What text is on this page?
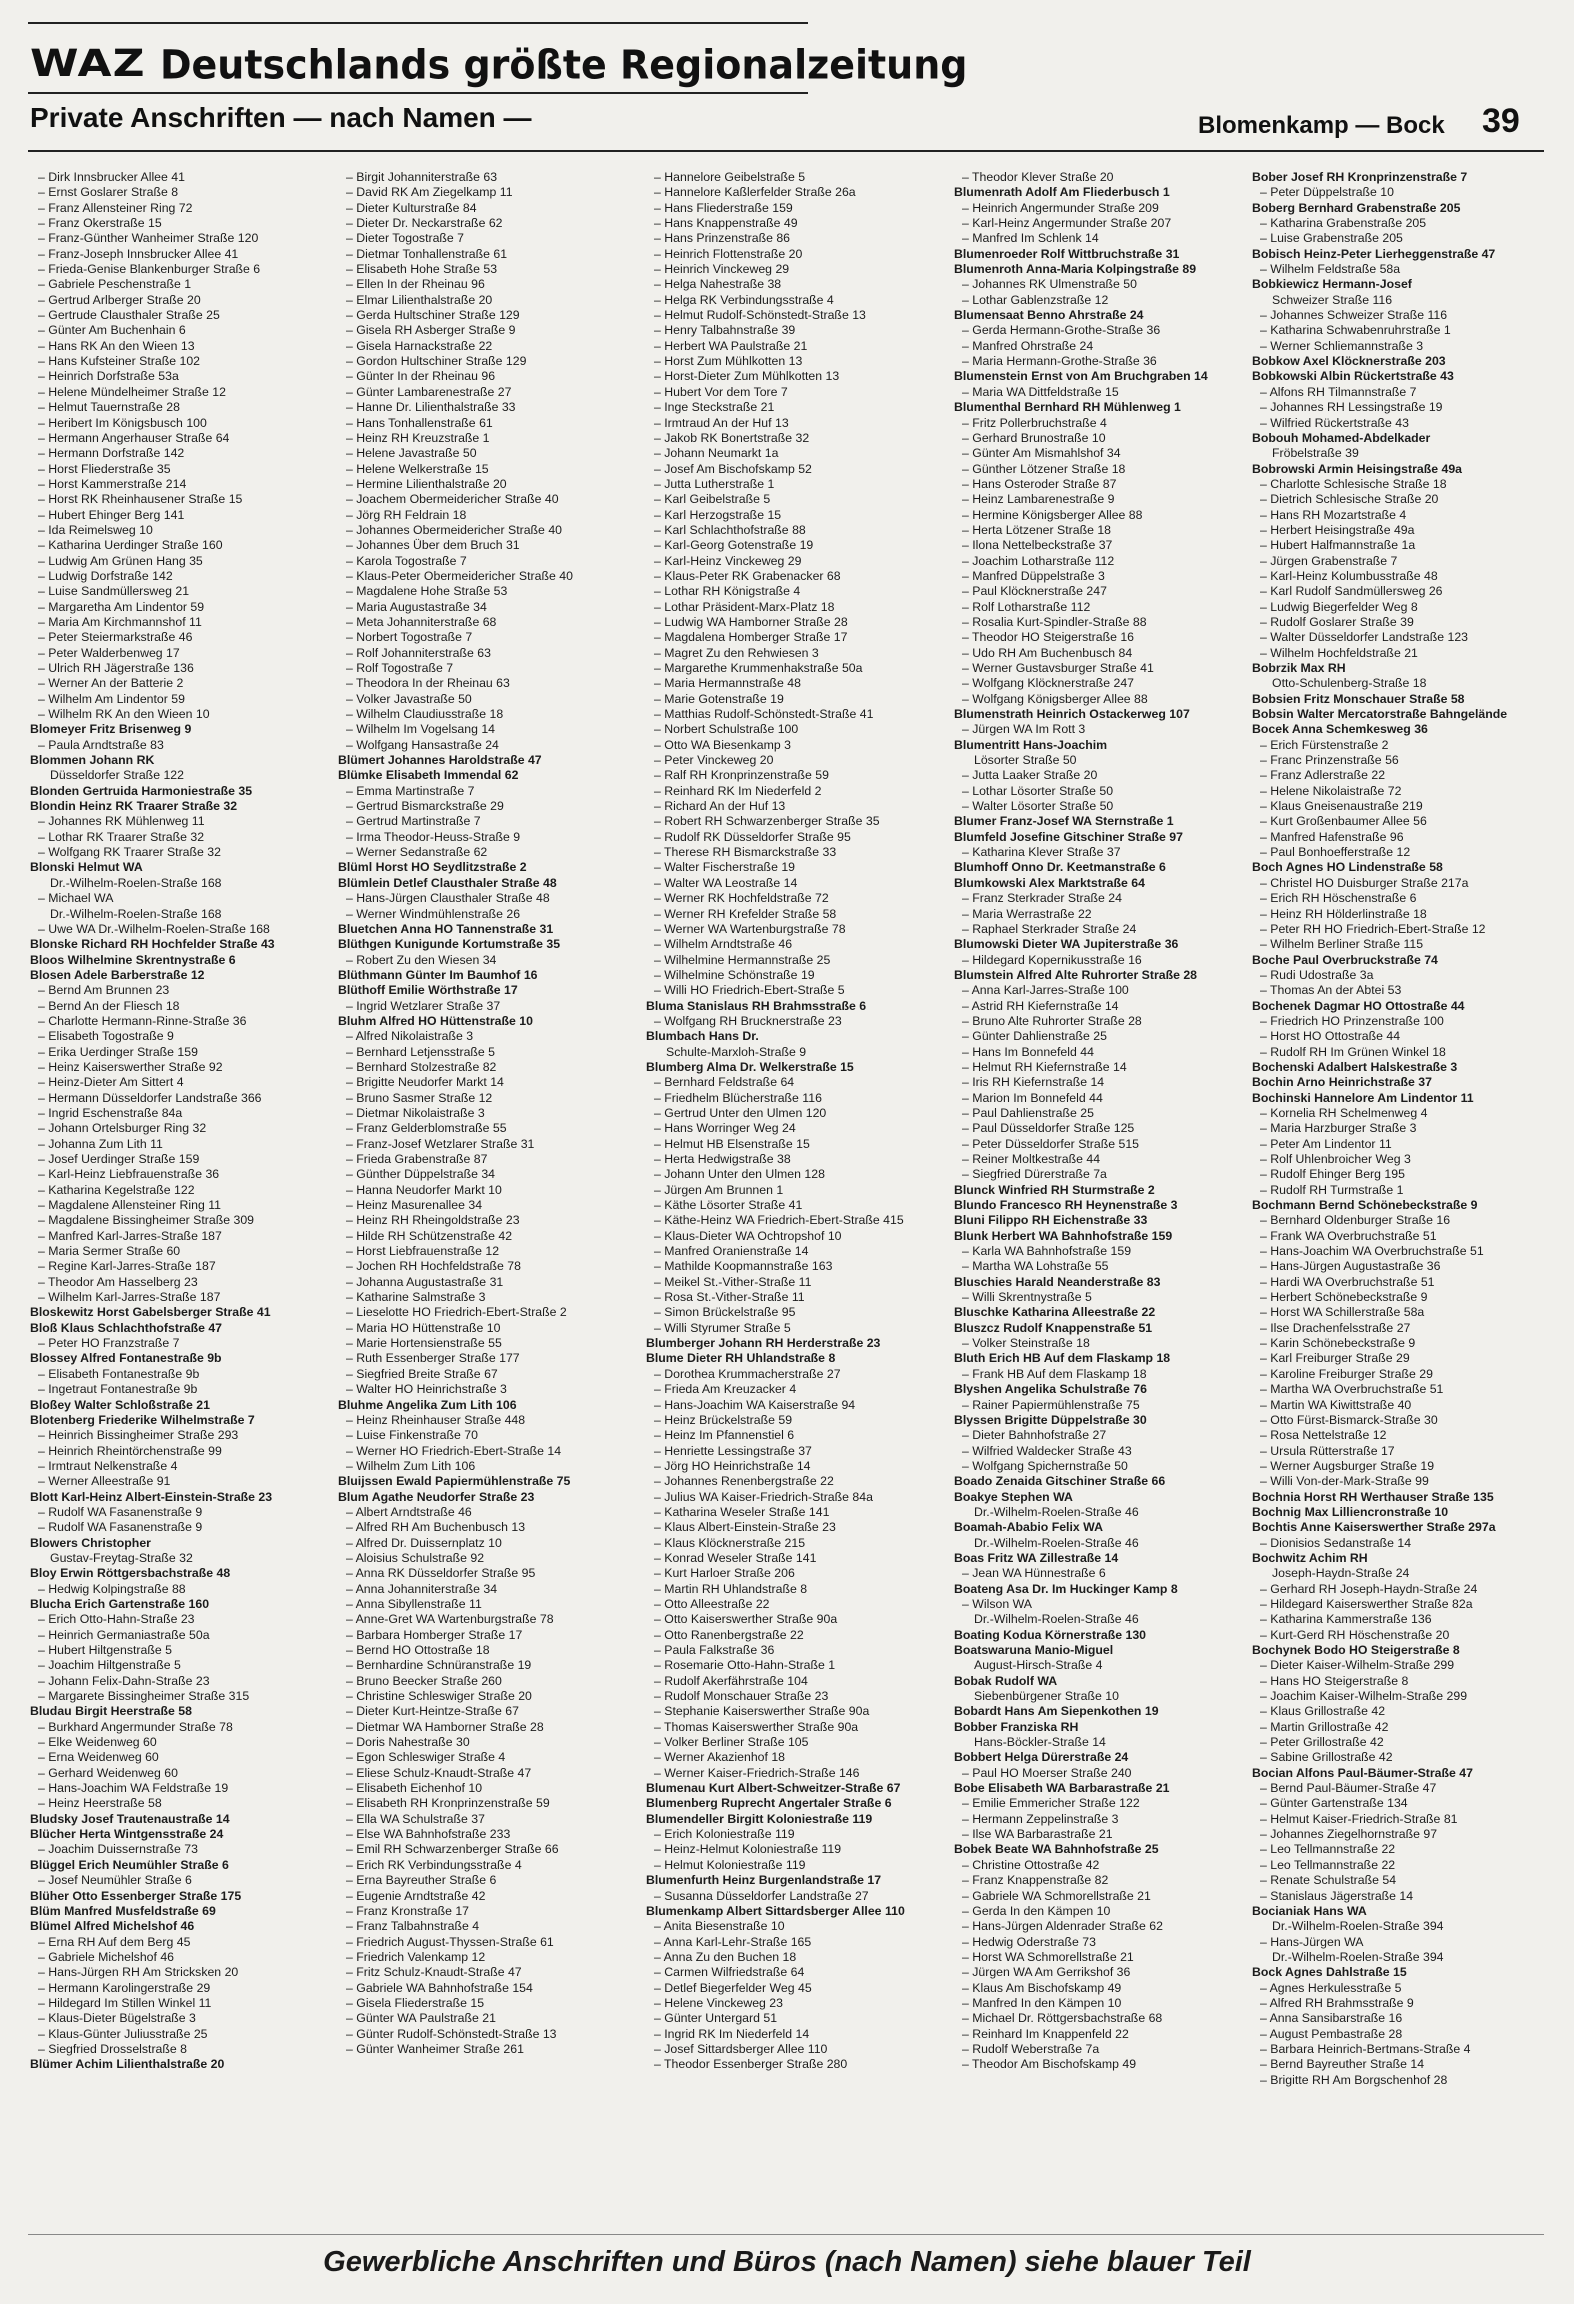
WAZ Deutschlands größte Regionalzeitung
Private Anschriften — nach Namen —	Blomenkamp — Bock 39
– Dirk Innsbrucker Allee 41
– Ernst Goslarer Straße 8
– Franz Allensteiner Ring 72
– Franz Okerstraße 15
– Franz-Günther Wanheimer Straße 120
– Franz-Joseph Innsbrucker Allee 41
– Frieda-Genise Blankenburger Straße 6
– Gabriele Peschenstraße 1
– Gertrud Arlberger Straße 20
– Gertrude Clausthaler Straße 25
– Günter Am Buchenhain 6
– Hans RK An den Wieen 13
– Hans Kufsteiner Straße 102
– Heinrich Dorfstraße 53a
– Helene Mündelheimer Straße 12
– Helmut Tauernstraße 28
– Heribert Im Königsbusch 100
– Hermann Angerhauser Straße 64
– Hermann Dorfstraße 142
– Horst Fliederstraße 35
– Horst Kammerstraße 214
– Horst RK Rheinhausener Straße 15
– Hubert Ehinger Berg 141
– Ida Reimelsweg 10
– Katharina Uerdinger Straße 160
– Ludwig Am Grünen Hang 35
– Ludwig Dorfstraße 142
– Luise Sandmüllersweg 21
– Margaretha Am Lindentor 59
– Maria Am Kirchmannshof 11
– Peter Steiermarkstraße 46
– Peter Walderbenweg 17
– Ulrich RH Jägerstraße 136
– Werner An der Batterie 2
– Wilhelm Am Lindentor 59
– Wilhelm RK An den Wieen 10
Blomeyer Fritz Brisenweg 9
– Paula Arndtstraße 83
Blommen Johann RK
Düsseldorfer Straße 122
Blonden Gertruida Harmoniestraße 35
Blondin Heinz RK Traarer Straße 32
– Johannes RK Mühlenweg 11
– Lothar RK Traarer Straße 32
– Wolfgang RK Traarer Straße 32
Blonski Helmut WA
Dr.-Wilhelm-Roelen-Straße 168
– Michael WA
Dr.-Wilhelm-Roelen-Straße 168
– Uwe WA Dr.-Wilhelm-Roelen-Straße 168
Blonske Richard RH Hochfelder Straße 43
Bloos Wilhelmine Skrentnystraße 6
Blosen Adele Barberstraße 12
– Bernd Am Brunnen 23
– Bernd An der Fliesch 18
– Charlotte Hermann-Rinne-Straße 36
– Elisabeth Togostraße 9
– Erika Uerdinger Straße 159
– Heinz Kaiserswerther Straße 92
– Heinz-Dieter Am Sittert 4
– Hermann Düsseldorfer Landstraße 366
– Ingrid Eschenstraße 84a
– Johann Ortelsburger Ring 32
– Johanna Zum Lith 11
– Josef Uerdinger Straße 159
– Karl-Heinz Liebfrauenstraße 36
– Katharina Kegelstraße 122
– Magdalene Allensteiner Ring 11
– Magdalene Bissingheimer Straße 309
– Manfred Karl-Jarres-Straße 187
– Maria Sermer Straße 60
– Regine Karl-Jarres-Straße 187
– Theodor Am Hasselberg 23
– Wilhelm Karl-Jarres-Straße 187
Bloskewitz Horst Gabelsberger Straße 41
Bloß Klaus Schlachthofstraße 47
– Peter HO Franzstraße 7
Blossey Alfred Fontanestraße 9b
– Elisabeth Fontanestraße 9b
– Ingetraut Fontanestraße 9b
Bloßey Walter Schloßstraße 21
Blotenberg Friederike Wilhelmstraße 7
– Heinrich Bissingheimer Straße 293
– Heinrich Rheintörchenstraße 99
– Irmtraut Nelkenstraße 4
– Werner Alleestraße 91
Blott Karl-Heinz Albert-Einstein-Straße 23
– Rudolf WA Fasanenstraße 9
– Rudolf WA Fasanenstraße 9
Blowers Christopher
Gustav-Freytag-Straße 32
Bloy Erwin Röttgersbachstraße 48
– Hedwig Kolpingstraße 88
Blucha Erich Gartenstraße 160
– Erich Otto-Hahn-Straße 23
– Heinrich Germaniastraße 50a
– Hubert Hiltgenstraße 5
– Joachim Hiltgenstraße 5
– Johann Felix-Dahn-Straße 23
– Margarete Bissingheimer Straße 315
Bludau Birgit Heerstraße 58
– Burkhard Angermunder Straße 78
– Elke Weidenweg 60
– Erna Weidenweg 60
– Gerhard Weidenweg 60
– Hans-Joachim WA Feldstraße 19
– Heinz Heerstraße 58
Bludsky Josef Trautenaustraße 14
Blücher Herta Wintgensstraße 24
– Joachim Duissernstraße 73
Blüggel Erich Neumühler Straße 6
– Josef Neumühler Straße 6
Blüher Otto Essenberger Straße 175
Blüm Manfred Musfeldstraße 69
Blümel Alfred Michelshof 46
– Erna RH Auf dem Berg 45
– Gabriele Michelshof 46
– Hans-Jürgen RH Am Stricksken 20
– Hermann Karolingerstraße 29
– Hildegard Im Stillen Winkel 11
– Klaus-Dieter Bügelstraße 3
– Klaus-Günter Juliusstraße 25
– Siegfried Drosselstraße 8
Blümer Achim Lilienthalstraße 20
– Birgit Johanniterstraße 63
– David RK Am Ziegelkamp 11
– Dieter Kulturstraße 84
– Dieter Dr. Neckarstraße 62
– Dieter Togostraße 7
– Dietmar Tonhallenstraße 61
– Elisabeth Hohe Straße 53
– Ellen In der Rheinau 96
– Elmar Lilienthalstraße 20
– Gerda Hultschiner Straße 129
– Gisela RH Asberger Straße 9
– Gisela Harnackstraße 22
– Gordon Hultschiner Straße 129
– Günter In der Rheinau 96
– Günter Lambarenestraße 27
– Hanne Dr. Lilienthalstraße 33
– Hans Tonhallenstraße 61
– Heinz RH Kreuzstraße 1
– Helene Javastraße 50
– Helene Welkerstraße 15
– Hermine Lilienthalstraße 20
– Joachem Obermeidericher Straße 40
– Jörg RH Feldrain 18
– Johannes Obermeidericher Straße 40
– Johannes Über dem Bruch 31
– Karola Togostraße 7
– Klaus-Peter Obermeidericher Straße 40
– Magdalene Hohe Straße 53
– Maria Augustastraße 34
– Meta Johanniterstraße 68
– Norbert Togostraße 7
– Rolf Johanniterstraße 63
– Rolf Togostraße 7
– Theodora In der Rheinau 63
– Volker Javastraße 50
– Wilhelm Claudiusstraße 18
– Wilhelm Im Vogelsang 14
– Wolfgang Hansastraße 24
Blümert Johannes Haroldstraße 47
Blümke Elisabeth Immendal 62
– Emma Martinstraße 7
– Gertrud Bismarckstraße 29
– Gertrud Martinstraße 7
– Irma Theodor-Heuss-Straße 9
– Werner Sedanstraße 62
Blüml Horst HO Seydlitzstraße 2
Blümlein Detlef Clausthaler Straße 48
– Hans-Jürgen Clausthaler Straße 48
– Werner Windmühlenstraße 26
Bluetchen Anna HO Tannenstraße 31
Blüthgen Kunigunde Kortumstraße 35
– Robert Zu den Wiesen 34
Blüthmann Günter Im Baumhof 16
Blüthoff Emilie Wörthstraße 17
– Ingrid Wetzlarer Straße 37
Bluhm Alfred HO Hüttenstraße 10
– Alfred Nikolaistraße 3
– Bernhard Letjensstraße 5
– Bernhard Stolzestraße 82
– Brigitte Neudorfer Markt 14
– Bruno Sasmer Straße 12
– Dietmar Nikolaistraße 3
– Franz Gelderblomstraße 55
– Franz-Josef Wetzlarer Straße 31
– Frieda Grabenstraße 87
– Günther Düppelstraße 34
– Hanna Neudorfer Markt 10
– Heinz Masurenallee 34
– Heinz RH Rheingoldstraße 23
– Hilde RH Schützenstraße 42
– Horst Liebfrauenstraße 12
– Jochen RH Hochfeldstraße 78
– Johanna Augustastraße 31
– Katharine Salmstraße 3
– Lieselotte HO Friedrich-Ebert-Straße 2
– Maria HO Hüttenstraße 10
– Marie Hortensienstraße 55
– Ruth Essenberger Straße 177
– Siegfried Breite Straße 67
– Walter HO Heinrichstraße 3
Bluhme Angelika Zum Lith 106
– Heinz Rheinhauser Straße 448
– Luise Finkenstraße 70
– Werner HO Friedrich-Ebert-Straße 14
– Wilhelm Zum Lith 106
Bluijssen Ewald Papiermühlenstraße 75
Blum Agathe Neudorfer Straße 23
– Albert Arndtstraße 46
– Alfred RH Am Buchenbusch 13
– Alfred Dr. Duissernplatz 10
– Aloisius Schulstraße 92
– Anna RK Düsseldorfer Straße 95
– Anna Johanniterstraße 34
– Anna Sibyllenstraße 11
– Anne-Gret WA Wartenburgstraße 78
– Barbara Homberger Straße 17
– Bernd HO Ottostraße 18
– Bernhardine Schnüranstraße 19
– Bruno Beecker Straße 260
– Christine Schleswiger Straße 20
– Dieter Kurt-Heintze-Straße 67
– Dietmar WA Hamborner Straße 28
– Doris Nahestraße 30
– Egon Schleswiger Straße 4
– Eliese Schulz-Knaudt-Straße 47
– Elisabeth Eichenhof 10
– Elisabeth RH Kronprinzenstraße 59
– Ella WA Schulstraße 37
– Else WA Bahnhofstraße 233
– Emil RH Schwarzenberger Straße 66
– Erich RK Verbindungsstraße 4
– Erna Bayreuther Straße 6
– Eugenie Arndtstraße 42
– Franz Kronstraße 17
– Franz Talbahnstraße 4
– Friedrich August-Thyssen-Straße 61
– Friedrich Valenkamp 12
– Fritz Schulz-Knaudt-Straße 47
– Gabriele WA Bahnhofstraße 154
– Gisela Fliederstraße 15
– Günter WA Paulstraße 21
– Günter Rudolf-Schönstedt-Straße 13
– Günter Wanheimer Straße 261
– Hannelore Geibelstraße 5
– Hannelore Kaßlerfelder Straße 26a
– Hans Fliederstraße 159
– Hans Knappenstraße 49
– Hans Prinzenstraße 86
– Heinrich Flottenstraße 20
– Heinrich Vinckeweg 29
– Helga Nahestraße 38
– Helga RK Verbindungsstraße 4
– Helmut Rudolf-Schönstedt-Straße 13
– Henry Talbahnstraße 39
– Herbert WA Paulstraße 21
– Horst Zum Mühlkotten 13
– Horst-Dieter Zum Mühlkotten 13
– Hubert Vor dem Tore 7
– Inge Steckstraße 21
– Irmtraud An der Huf 13
– Jakob RK Bonertstraße 32
– Johann Neumarkt 1a
– Josef Am Bischofskamp 52
– Jutta Lutherstraße 1
– Karl Geibelstraße 5
– Karl Herzogstraße 15
– Karl Schlachthofstraße 88
– Karl-Georg Gotenstraße 19
– Karl-Heinz Vinckeweg 29
– Klaus-Peter RK Grabenacker 68
– Lothar RH Königstraße 4
– Lothar Präsident-Marx-Platz 18
– Ludwig WA Hamborner Straße 28
– Magdalena Homberger Straße 17
– Magret Zu den Rehwiesen 3
– Margarethe Krummenhakstraße 50a
– Maria Hermannstraße 48
– Marie Gotenstraße 19
– Matthias Rudolf-Schönstedt-Straße 41
– Norbert Schulstraße 100
– Otto WA Biesenkamp 3
– Peter Vinckeweg 20
– Ralf RH Kronprinzenstraße 59
– Reinhard RK Im Niederfeld 2
– Richard An der Huf 13
– Robert RH Schwarzenberger Straße 35
– Rudolf RK Düsseldorfer Straße 95
– Therese RH Bismarckstraße 33
– Walter Fischerstraße 19
– Walter WA Leostraße 14
– Werner RK Hochfeldstraße 72
– Werner RH Krefelder Straße 58
– Werner WA Wartenburgstraße 78
– Wilhelm Arndtstraße 46
– Wilhelmine Hermannstraße 25
– Wilhelmine Schönstraße 19
– Willi HO Friedrich-Ebert-Straße 5
Bluma Stanislaus RH Brahmsstraße 6
– Wolfgang RH Brucknerstraße 23
Blumbach Hans Dr.
Schulte-Marxloh-Straße 9
Blumberg Alma Dr. Welkerstraße 15
– Bernhard Feldstraße 64
– Friedhelm Blücherstraße 116
– Gertrud Unter den Ulmen 120
– Hans Worringer Weg 24
– Helmut HB Elsenstraße 15
– Herta Hedwigstraße 38
– Johann Unter den Ulmen 128
– Jürgen Am Brunnen 1
– Käthe Lösorter Straße 41
– Käthe-Heinz WA Friedrich-Ebert-Straße 415
– Klaus-Dieter WA Ochtropshof 10
– Manfred Oranienstraße 14
– Mathilde Koopmannstraße 163
– Meikel St.-Vither-Straße 11
– Rosa St.-Vither-Straße 11
– Simon Brückelstraße 95
– Willi Styrumer Straße 5
Blumberger Johann RH Herderstraße 23
Blume Dieter RH Uhlandstraße 8
– Dorothea Krummacherstraße 27
– Frieda Am Kreuzacker 4
– Hans-Joachim WA Kaiserstraße 94
– Heinz Brückelstraße 59
– Heinz Im Pfannenstiel 6
– Henriette Lessingstraße 37
– Jörg HO Heinrichstraße 14
– Johannes Renenbergstraße 22
– Julius WA Kaiser-Friedrich-Straße 84a
– Katharina Weseler Straße 141
– Klaus Albert-Einstein-Straße 23
– Klaus Klöcknerstraße 215
– Konrad Weseler Straße 141
– Kurt Harloer Straße 206
– Martin RH Uhlandstraße 8
– Otto Alleestraße 22
– Otto Kaiserswerther Straße 90a
– Otto Ranenbergstraße 22
– Paula Falkstraße 36
– Rosemarie Otto-Hahn-Straße 1
– Rudolf Akerfährstraße 104
– Rudolf Monschauer Straße 23
– Stephanie Kaiserswerther Straße 90a
– Thomas Kaiserswerther Straße 90a
– Volker Berliner Straße 105
– Werner Akazienhof 18
– Werner Kaiser-Friedrich-Straße 146
Blumenau Kurt Albert-Schweitzer-Straße 67
Blumenberg Ruprecht Angertaler Straße 6
Blumendeller Birgitt Koloniestraße 119
– Erich Koloniestraße 119
– Heinz-Helmut Koloniestraße 119
– Helmut Koloniestraße 119
Blumenfurth Heinz Burgenlandstraße 17
– Susanna Düsseldorfer Landstraße 27
Blumenkamp Albert Sittardsberger Allee 110
– Anita Biesenstraße 10
– Anna Karl-Lehr-Straße 165
– Anna Zu den Buchen 18
– Carmen Wilfriedstraße 64
– Detlef Biegerfelder Weg 45
– Helene Vinckeweg 23
– Günter Untergard 51
– Ingrid RK Im Niederfeld 14
– Josef Sittardsberger Allee 110
– Theodor Essenberger Straße 280
– Theodor Klever Straße 20
Blumenrath Adolf Am Fliederbusch 1
– Heinrich Angermunder Straße 209
– Karl-Heinz Angermunder Straße 207
– Manfred Im Schlenk 14
Blumenroeder Rolf Wittbruchstraße 31
Blumenroth Anna-Maria Kolpingstraße 89
– Johannes RK Ulmenstraße 50
– Lothar Gablenzstraße 12
Blumensaat Benno Ahrstraße 24
– Gerda Hermann-Grothe-Straße 36
– Manfred Ohrstraße 24
– Maria Hermann-Grothe-Straße 36
Blumenstein Ernst von Am Bruchgraben 14
– Maria WA Dittfeldstraße 15
Blumenthal Bernhard RH Mühlenweg 1
– Fritz Pollerbruchstraße 4
– Gerhard Brunostraße 10
– Günter Am Mismahlshof 34
– Günther Lötzener Straße 18
– Hans Osteroder Straße 87
– Heinz Lambarenestraße 9
– Hermine Königsberger Allee 88
– Herta Lötzener Straße 18
– Ilona Nettelbeckstraße 37
– Joachim Lotharstraße 112
– Manfred Düppelstraße 3
– Paul Klöcknerstraße 247
– Rolf Lotharstraße 112
– Rosalia Kurt-Spindler-Straße 88
– Theodor HO Steigerstraße 16
– Udo RH Am Buchenbusch 84
– Werner Gustavsburger Straße 41
– Wolfgang Klöcknerstraße 247
– Wolfgang Königsberger Allee 88
Blumenstrath Heinrich Ostackerweg 107
– Jürgen WA Im Rott 3
Blumentritt Hans-Joachim
Lösorter Straße 50
– Jutta Laaker Straße 20
– Lothar Lösorter Straße 50
– Walter Lösorter Straße 50
Blumer Franz-Josef WA Sternstraße 1
Blumfeld Josefine Gitschiner Straße 97
– Katharina Klever Straße 37
Blumhoff Onno Dr. Keetmanstraße 6
Blumkowski Alex Marktstraße 64
– Franz Sterkrader Straße 24
– Maria Werrastraße 22
– Raphael Sterkrader Straße 24
Blumowski Dieter WA Jupiterstraße 36
– Hildegard Kopernikusstraße 16
Blumstein Alfred Alte Ruhrorter Straße 28
– Anna Karl-Jarres-Straße 100
– Astrid RH Kiefernstraße 14
– Bruno Alte Ruhrorter Straße 28
– Günter Dahlienstraße 25
– Hans Im Bonnefeld 44
– Helmut RH Kiefernstraße 14
– Iris RH Kiefernstraße 14
– Marion Im Bonnefeld 44
– Paul Dahlienstraße 25
– Paul Düsseldorfer Straße 125
– Peter Düsseldorfer Straße 515
– Reiner Moltkestraße 44
– Siegfried Dürerstraße 7a
Blunck Winfried RH Sturmstraße 2
Blundo Francesco RH Heynenstraße 3
Bluni Filippo RH Eichenstraße 33
Blunk Herbert WA Bahnhofstraße 159
– Karla WA Bahnhofstraße 159
– Martha WA Lohstraße 55
Bluschies Harald Neanderstraße 83
– Willi Skrentnystraße 5
Bluschke Katharina Alleestraße 22
Bluszcz Rudolf Knappenstraße 51
– Volker Steinstraße 18
Bluth Erich HB Auf dem Flaskamp 18
– Frank HB Auf dem Flaskamp 18
Blyshen Angelika Schulstraße 76
– Rainer Papiermühlenstraße 75
Blyssen Brigitte Düppelstraße 30
– Dieter Bahnhofstraße 27
– Wilfried Waldecker Straße 43
– Wolfgang Spichernstraße 50
Boado Zenaida Gitschiner Straße 66
Boakye Stephen WA
Dr.-Wilhelm-Roelen-Straße 46
Boamah-Ababio Felix WA
Dr.-Wilhelm-Roelen-Straße 46
Boas Fritz WA Zillestraße 14
– Jean WA Hünnestraße 6
Boateng Asa Dr. Im Huckinger Kamp 8
– Wilson WA
Dr.-Wilhelm-Roelen-Straße 46
Boating Kodua Körnerstraße 130
Boatswaruna Manio-Miguel
August-Hirsch-Straße 4
Bobak Rudolf WA
Siebenbürgener Straße 10
Bobardt Hans Am Siepenkothen 19
Bobber Franziska RH
Hans-Böckler-Straße 14
Bobbert Helga Dürerstraße 24
– Paul HO Moerser Straße 240
Bobe Elisabeth WA Barbarastraße 21
– Emilie Emmericher Straße 122
– Hermann Zeppelinstraße 3
– Ilse WA Barbarastraße 21
Bobek Beate WA Bahnhofstraße 25
– Christine Ottostraße 42
– Franz Knappenstraße 82
– Gabriele WA Schmorellstraße 21
– Gerda In den Kämpen 10
– Hans-Jürgen Aldenrader Straße 62
– Hedwig Oderstraße 73
– Horst WA Schmorellstraße 21
– Jürgen WA Am Gerrikshof 36
– Klaus Am Bischofskamp 49
– Manfred In den Kämpen 10
– Michael Dr. Röttgersbachstraße 68
– Reinhard Im Knappenfeld 22
– Rudolf Weberstraße 7a
– Theodor Am Bischofskamp 49
Bober Josef RH Kronprinzenstraße 7
– Peter Düppelstraße 10
Boberg Bernhard Grabenstraße 205
– Katharina Grabenstraße 205
– Luise Grabenstraße 205
Bobisch Heinz-Peter Lierheggenstraße 47
– Wilhelm Feldstraße 58a
Bobkiewicz Hermann-Josef
Schweizer Straße 116
– Johannes Schweizer Straße 116
– Katharina Schwabenruhrstraße 1
– Werner Schliemannstraße 3
Bobkow Axel Klöcknerstraße 203
Bobkowski Albin Rückertstraße 43
– Alfons RH Tilmannstraße 7
– Johannes RH Lessingstraße 19
– Wilfried Rückertstraße 43
Bobouh Mohamed-Abdelkader
Fröbelstraße 39
Bobrowski Armin Heisingstraße 49a
– Charlotte Schlesische Straße 18
– Dietrich Schlesische Straße 20
– Hans RH Mozartstraße 4
– Herbert Heisingstraße 49a
– Hubert Halfmannstraße 1a
– Jürgen Grabenstraße 7
– Karl-Heinz Kolumbusstraße 48
– Karl Rudolf Sandmüllersweg 26
– Ludwig Biegerfelder Weg 8
– Rudolf Goslarer Straße 39
– Walter Düsseldorfer Landstraße 123
– Wilhelm Hochfeldstraße 21
Bobrzik Max RH
Otto-Schulenberg-Straße 18
Bobsien Fritz Monschauer Straße 58
Bobsin Walter Mercatorstraße Bahngelände
Bocek Anna Schemkesweg 36
– Erich Fürstenstraße 2
– Franc Prinzenstraße 56
– Franz Adlerstraße 22
– Helene Nikolaistraße 72
– Klaus Gneisenaustraße 219
– Kurt Großenbaumer Allee 56
– Manfred Hafenstraße 96
– Paul Bonhoefferstraße 12
Boch Agnes HO Lindenstraße 58
– Christel HO Duisburger Straße 217a
– Erich RH Höschenstraße 6
– Heinz RH Hölderlinstraße 18
– Peter RH HO Friedrich-Ebert-Straße 12
– Wilhelm Berliner Straße 115
Boche Paul Overbruckstraße 74
– Rudi Udostraße 3a
– Thomas An der Abtei 53
Bochenek Dagmar HO Ottostraße 44
– Friedrich HO Prinzenstraße 100
– Horst HO Ottostraße 44
– Rudolf RH Im Grünen Winkel 18
Bochenski Adalbert Halskestraße 3
Bochin Arno Heinrichstraße 37
Bochinski Hannelore Am Lindentor 11
– Kornelia RH Schelmenweg 4
– Maria Harzburger Straße 3
– Peter Am Lindentor 11
– Rolf Uhlenbroicher Weg 3
– Rudolf Ehinger Berg 195
– Rudolf RH Turmstraße 1
Bochmann Bernd Schönebeckstraße 9
– Bernhard Oldenburger Straße 16
– Frank WA Overbruchstraße 51
– Hans-Joachim WA Overbruchstraße 51
– Hans-Jürgen Augustastraße 36
– Hardi WA Overbruchstraße 51
– Herbert Schönebeckstraße 9
– Horst WA Schillerstraße 58a
– Ilse Drachenfelsstraße 27
– Karin Schönebeckstraße 9
– Karl Freiburger Straße 29
– Karoline Freiburger Straße 29
– Martha WA Overbruchstraße 51
– Martin WA Kiwittstraße 40
– Otto Fürst-Bismarck-Straße 30
– Rosa Nettelstraße 12
– Ursula Rütterstraße 17
– Werner Augsburger Straße 19
– Willi Von-der-Mark-Straße 99
Bochnia Horst RH Werthauser Straße 135
Bochnig Max Lilliencronstraße 10
Bochtis Anne Kaiserswerther Straße 297a
– Dionisios Sedanstraße 14
Bochwitz Achim RH
Joseph-Haydn-Straße 24
– Gerhard RH Joseph-Haydn-Straße 24
– Hildegard Kaiserswerther Straße 82a
– Katharina Kammerstraße 136
– Kurt-Gerd RH Höschenstraße 20
Bochynek Bodo HO Steigerstraße 8
– Dieter Kaiser-Wilhelm-Straße 299
– Hans HO Steigerstraße 8
– Joachim Kaiser-Wilhelm-Straße 299
– Klaus Grillostraße 42
– Martin Grillostraße 42
– Peter Grillostraße 42
– Sabine Grillostraße 42
Bocian Alfons Paul-Bäumer-Straße 47
– Bernd Paul-Bäumer-Straße 47
– Günter Gartenstraße 134
– Helmut Kaiser-Friedrich-Straße 81
– Johannes Ziegelhornstraße 97
– Leo Tellmannstraße 22
– Leo Tellmannstraße 22
– Renate Schulstraße 54
– Stanislaus Jägerstraße 14
Bocianiak Hans WA
Dr.-Wilhelm-Roelen-Straße 394
– Hans-Jürgen WA
Dr.-Wilhelm-Roelen-Straße 394
Bock Agnes Dahlstraße 15
– Agnes Herkulesstraße 5
– Alfred RH Brahmsstraße 9
– Anna Sansibarstraße 16
– August Pembastraße 28
– Barbara Heinrich-Bertmans-Straße 4
– Bernd Bayreuther Straße 14
– Brigitte RH Am Borgschenhof 28
Gewerbliche Anschriften und Büros (nach Namen) siehe blauer Teil
